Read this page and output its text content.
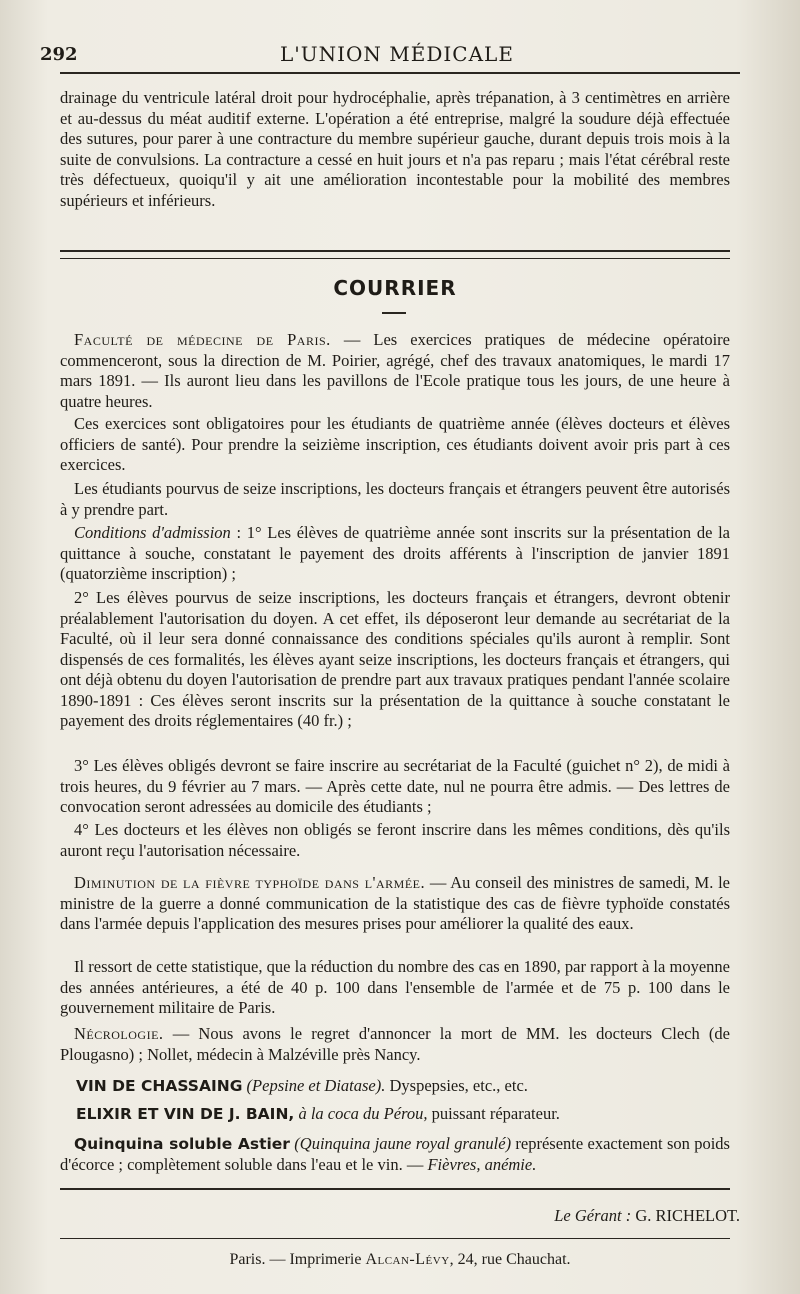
292	L'UNION MÉDICALE

drainage du ventricule latéral droit pour hydrocéphalie, après trépanation, à 3 centimètres en arrière et au-dessus du méat auditif externe. L'opération a été entreprise, malgré la soudure déjà effectuée des sutures, pour parer à une contracture du membre supérieur gauche, durant depuis trois mois à la suite de convulsions. La contracture a cessé en huit jours et n'a pas reparu ; mais l'état cérébral reste très défectueux, quoiqu'il y ait une amélioration incontestable pour la mobilité des membres supérieurs et inférieurs.

COURRIER

Faculté de médecine de Paris. — Les exercices pratiques de médecine opératoire commenceront, sous la direction de M. Poirier, agrégé, chef des travaux anatomiques, le mardi 17 mars 1891. — Ils auront lieu dans les pavillons de l'Ecole pratique tous les jours, de une heure à quatre heures.

Ces exercices sont obligatoires pour les étudiants de quatrième année (élèves docteurs et élèves officiers de santé). Pour prendre la seizième inscription, ces étudiants doivent avoir pris part à ces exercices.

Les étudiants pourvus de seize inscriptions, les docteurs français et étrangers peuvent être autorisés à y prendre part.

Conditions d'admission : 1° Les élèves de quatrième année sont inscrits sur la présentation de la quittance à souche, constatant le payement des droits afférents à l'inscription de janvier 1891 (quatorzième inscription) ;

2° Les élèves pourvus de seize inscriptions, les docteurs français et étrangers, devront obtenir préalablement l'autorisation du doyen. A cet effet, ils déposeront leur demande au secrétariat de la Faculté, où il leur sera donné connaissance des conditions spéciales qu'ils auront à remplir. Sont dispensés de ces formalités, les élèves ayant seize inscriptions, les docteurs français et étrangers, qui ont déjà obtenu du doyen l'autorisation de prendre part aux travaux pratiques pendant l'année scolaire 1890-1891 : Ces élèves seront inscrits sur la présentation de la quittance à souche constatant le payement des droits réglementaires (40 fr.) ;

3° Les élèves obligés devront se faire inscrire au secrétariat de la Faculté (guichet n° 2), de midi à trois heures, du 9 février au 7 mars. — Après cette date, nul ne pourra être admis. — Des lettres de convocation seront adressées au domicile des étudiants ;

4° Les docteurs et les élèves non obligés se feront inscrire dans les mêmes conditions, dès qu'ils auront reçu l'autorisation nécessaire.

Diminution de la fièvre typhoïde dans l'armée. — Au conseil des ministres de samedi, M. le ministre de la guerre a donné communication de la statistique des cas de fièvre typhoïde constatés dans l'armée depuis l'application des mesures prises pour améliorer la qualité des eaux.

Il ressort de cette statistique, que la réduction du nombre des cas en 1890, par rapport à la moyenne des années antérieures, a été de 40 p. 100 dans l'ensemble de l'armée et de 75 p. 100 dans le gouvernement militaire de Paris.

Nécrologie. — Nous avons le regret d'annoncer la mort de MM. les docteurs Clech (de Plougasno) ; Nollet, médecin à Malzéville près Nancy.

VIN DE CHASSAING (Pepsine et Diatase). Dyspepsies, etc., etc.

ELIXIR ET VIN DE J. BAIN, à la coca du Pérou, puissant réparateur.

Quinquina soluble Astier (Quinquina jaune royal granulé) représente exactement son poids d'écorce ; complètement soluble dans l'eau et le vin. — Fièvres, anémie.

Le Gérant : G. RICHELOT.
Paris. — Imprimerie Alcan-Lévy, 24, rue Chauchat.
